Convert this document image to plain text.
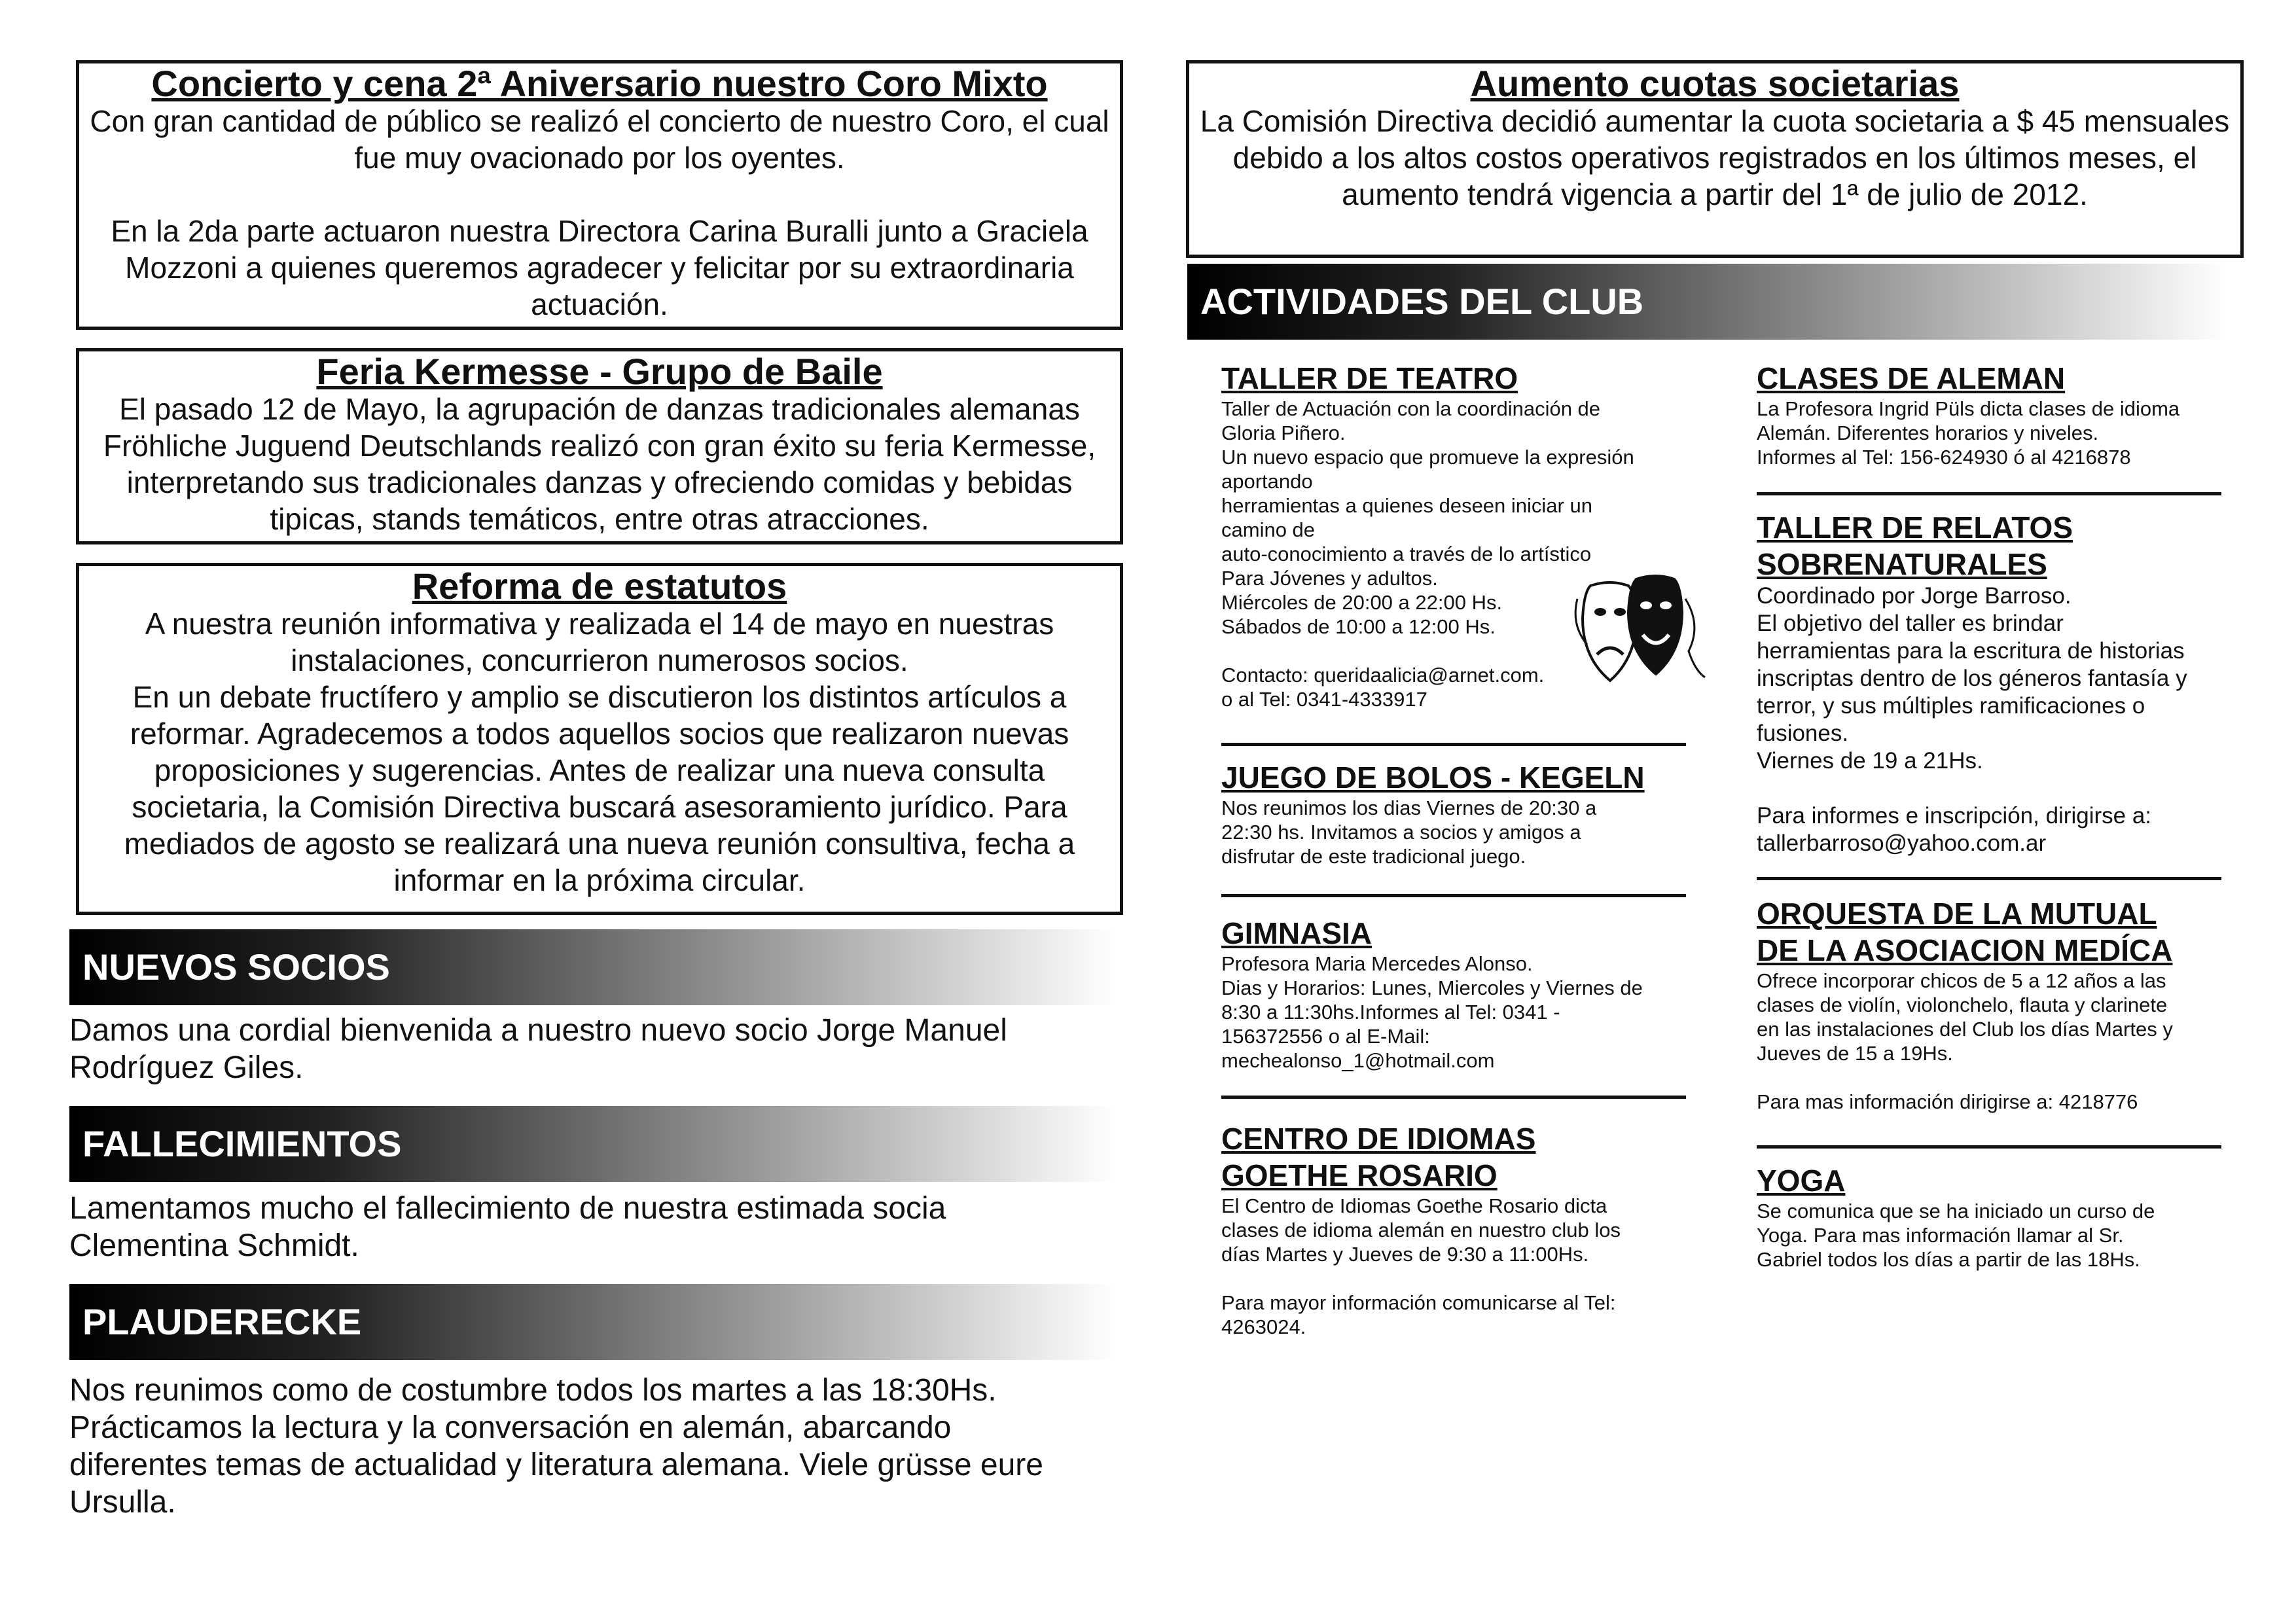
Concierto y cena 2ª Aniversario nuestro Coro Mixto

Con gran cantidad de público se realizó el concierto de nuestro Coro, el cual fue muy ovacionado por los oyentes.

En la 2da parte actuaron nuestra Directora Carina Buralli junto a Graciela Mozzoni a quienes queremos agradecer y felicitar por su extraordinaria actuación.

Feria Kermesse - Grupo de Baile

El pasado 12 de Mayo, la agrupación de danzas tradicionales alemanas Fröhliche Juguend Deutschlands realizó con gran éxito su feria Kermesse, interpretando sus tradicionales danzas y ofreciendo comidas y bebidas tipicas, stands temáticos, entre otras atracciones.

Reforma de estatutos

A nuestra reunión informativa y realizada el 14 de mayo en nuestras instalaciones, concurrieron numerosos socios.
En un debate fructífero y amplio se discutieron los distintos artículos a reformar. Agradecemos a todos aquellos socios que realizaron nuevas proposiciones y sugerencias. Antes de realizar una nueva consulta societaria, la Comisión Directiva buscará asesoramiento jurídico. Para mediados de agosto se realizará una nueva reunión consultiva, fecha a informar en la próxima circular.

NUEVOS SOCIOS

Damos una cordial bienvenida a nuestro nuevo socio Jorge Manuel
Rodríguez Giles.

FALLECIMIENTOS

Lamentamos mucho el fallecimiento de nuestra estimada socia
Clementina Schmidt.

PLAUDERECKE

Nos reunimos como de costumbre todos los martes a las 18:30Hs.
Prácticamos la lectura y la conversación en alemán, abarcando
diferentes temas de actualidad y literatura alemana. Viele grüsse eure
Ursulla.

Aumento cuotas societarias

La Comisión Directiva decidió aumentar la cuota societaria a $ 45 mensuales debido a los altos costos operativos registrados en los últimos meses, el aumento tendrá vigencia a partir del 1ª de julio de 2012.

ACTIVIDADES DEL CLUB
TALLER DE TEATRO

Taller de Actuación con la coordinación de
Gloria Piñero.
Un nuevo espacio que promueve la expresión
aportando
herramientas a quienes deseen iniciar un
camino de
auto-conocimiento a través de lo artístico
Para Jóvenes y adultos.
Miércoles de 20:00 a 22:00 Hs.
Sábados de 10:00 a 12:00 Hs.

Contacto: queridaalicia@arnet.com.
o al Tel: 0341-4333917

JUEGO DE BOLOS - KEGELN

Nos reunimos los dias Viernes de 20:30 a
22:30 hs. Invitamos a socios y amigos a
disfrutar de este tradicional juego.

GIMNASIA

Profesora Maria Mercedes Alonso.
Dias y Horarios: Lunes, Miercoles y Viernes de
8:30 a 11:30hs.Informes al Tel: 0341 -
156372556 o al E-Mail:
mechealonso_1@hotmail.com

CENTRO DE IDIOMAS
GOETHE ROSARIO

El Centro de Idiomas Goethe Rosario dicta
clases de idioma alemán en nuestro club los
días Martes y Jueves de 9:30 a 11:00Hs.

Para mayor información comunicarse al Tel:
4263024.

CLASES DE ALEMAN

La Profesora Ingrid Püls dicta clases de idioma
Alemán. Diferentes horarios y niveles.
Informes al Tel: 156-624930 ó al 4216878

TALLER DE RELATOS
SOBRENATURALES

Coordinado por Jorge Barroso.
El objetivo del taller es brindar
herramientas para la escritura de historias
inscriptas dentro de los géneros fantasía y
terror, y sus múltiples ramificaciones o
fusiones.
Viernes de 19 a 21Hs.

Para informes e inscripción, dirigirse a:
tallerbarroso@yahoo.com.ar

ORQUESTA DE LA MUTUAL
DE LA ASOCIACION MEDÍCA

Ofrece incorporar chicos de 5 a 12 años a las
clases de violín, violonchelo, flauta y clarinete
en las instalaciones del Club los días Martes y
Jueves de 15 a 19Hs.

Para mas información dirigirse a: 4218776

YOGA

Se comunica que se ha iniciado un curso de
Yoga. Para mas información llamar al Sr.
Gabriel todos los días a partir de las 18Hs.
